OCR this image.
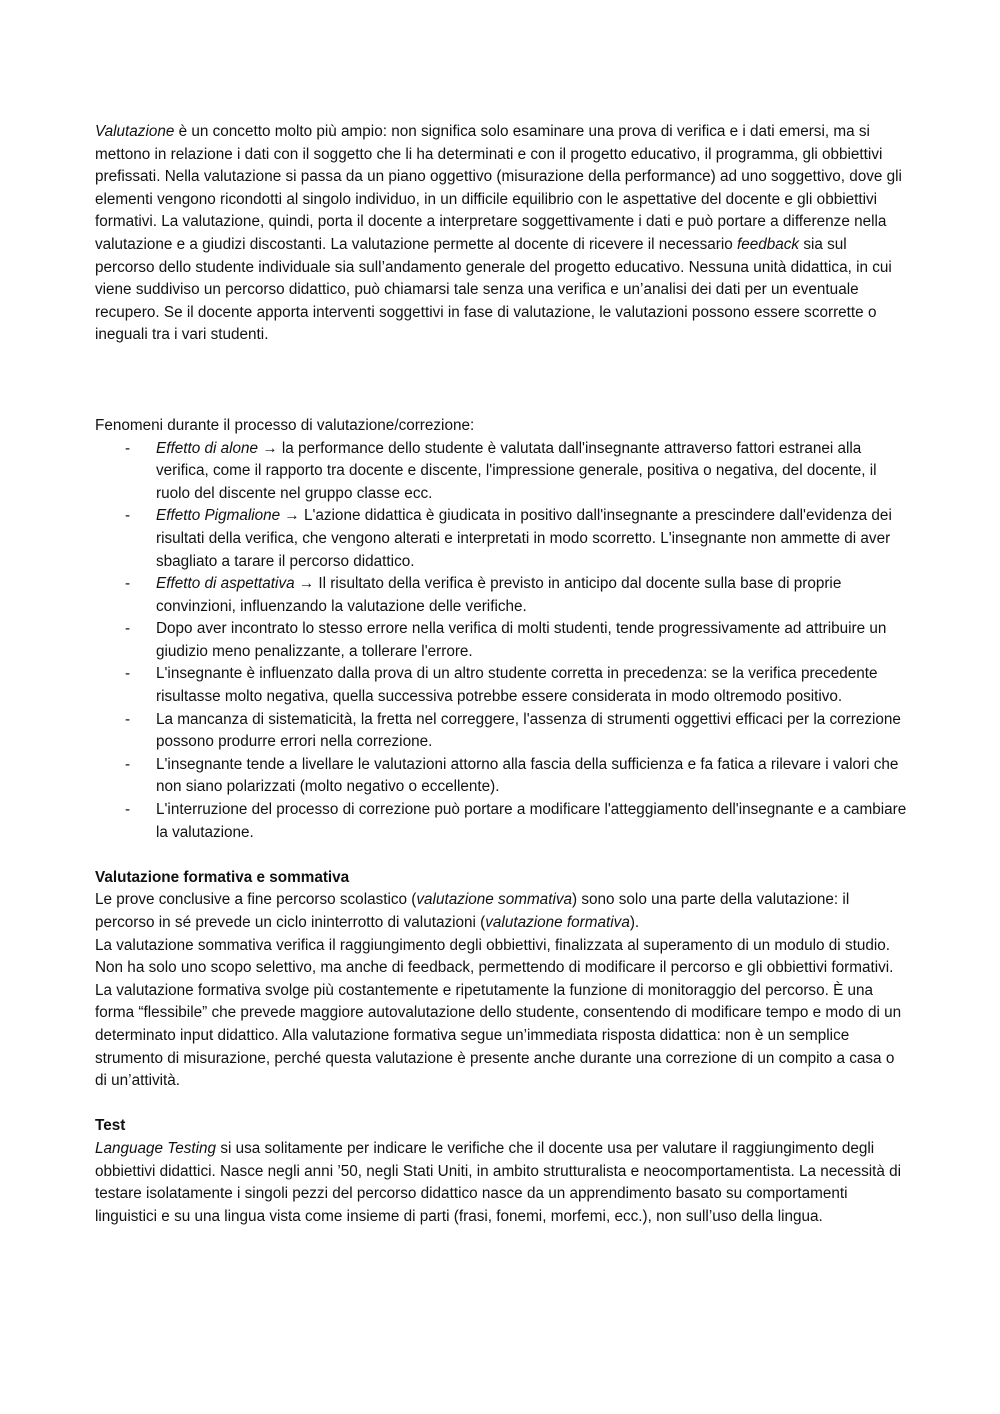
Valutazione è un concetto molto più ampio: non significa solo esaminare una prova di verifica e i dati emersi, ma si mettono in relazione i dati con il soggetto che li ha determinati e con il progetto educativo, il programma, gli obbiettivi prefissati. Nella valutazione si passa da un piano oggettivo (misurazione della performance) ad uno soggettivo, dove gli elementi vengono ricondotti al singolo individuo, in un difficile equilibrio con le aspettative del docente e gli obbiettivi formativi. La valutazione, quindi, porta il docente a interpretare soggettivamente i dati e può portare a differenze nella valutazione e a giudizi discostanti. La valutazione permette al docente di ricevere il necessario feedback sia sul percorso dello studente individuale sia sull’andamento generale del progetto educativo. Nessuna unità didattica, in cui viene suddiviso un percorso didattico, può chiamarsi tale senza una verifica e un’analisi dei dati per un eventuale recupero. Se il docente apporta interventi soggettivi in fase di valutazione, le valutazioni possono essere scorrette o ineguali tra i vari studenti.

Fenomeni durante il processo di valutazione/correzione:

- Effetto di alone → la performance dello studente è valutata dall'insegnante attraverso fattori estranei alla verifica, come il rapporto tra docente e discente, l'impressione generale, positiva o negativa, del docente, il ruolo del discente nel gruppo classe ecc.
- Effetto Pigmalione → L'azione didattica è giudicata in positivo dall'insegnante a prescindere dall'evidenza dei risultati della verifica, che vengono alterati e interpretati in modo scorretto. L'insegnante non ammette di aver sbagliato a tarare il percorso didattico.
- Effetto di aspettativa → Il risultato della verifica è previsto in anticipo dal docente sulla base di proprie convinzioni, influenzando la valutazione delle verifiche.
- Dopo aver incontrato lo stesso errore nella verifica di molti studenti, tende progressivamente ad attribuire un giudizio meno penalizzante, a tollerare l'errore.
- L'insegnante è influenzato dalla prova di un altro studente corretta in precedenza: se la verifica precedente risultasse molto negativa, quella successiva potrebbe essere considerata in modo oltremodo positivo.
- La mancanza di sistematicità, la fretta nel correggere, l'assenza di strumenti oggettivi efficaci per la correzione possono produrre errori nella correzione.
- L'insegnante tende a livellare le valutazioni attorno alla fascia della sufficienza e fa fatica a rilevare i valori che non siano polarizzati (molto negativo o eccellente).
- L'interruzione del processo di correzione può portare a modificare l'atteggiamento dell'insegnante e a cambiare la valutazione.
Valutazione formativa e sommativa

Le prove conclusive a fine percorso scolastico (valutazione sommativa) sono solo una parte della valutazione: il percorso in sé prevede un ciclo ininterrotto di valutazioni (valutazione formativa).

La valutazione sommativa verifica il raggiungimento degli obbiettivi, finalizzata al superamento di un modulo di studio. Non ha solo uno scopo selettivo, ma anche di feedback, permettendo di modificare il percorso e gli obbiettivi formativi.

La valutazione formativa svolge più costantemente e ripetutamente la funzione di monitoraggio del percorso. È una forma “flessibile” che prevede maggiore autovalutazione dello studente, consentendo di modificare tempo e modo di un determinato input didattico. Alla valutazione formativa segue un’immediata risposta didattica: non è un semplice strumento di misurazione, perché questa valutazione è presente anche durante una correzione di un compito a casa o di un’attività.

Test

Language Testing si usa solitamente per indicare le verifiche che il docente usa per valutare il raggiungimento degli obbiettivi didattici. Nasce negli anni ’50, negli Stati Uniti, in ambito strutturalista e neocomportamentista. La necessità di testare isolatamente i singoli pezzi del percorso didattico nasce da un apprendimento basato su comportamenti linguistici e su una lingua vista come insieme di parti (frasi, fonemi, morfemi, ecc.), non sull’uso della lingua.
